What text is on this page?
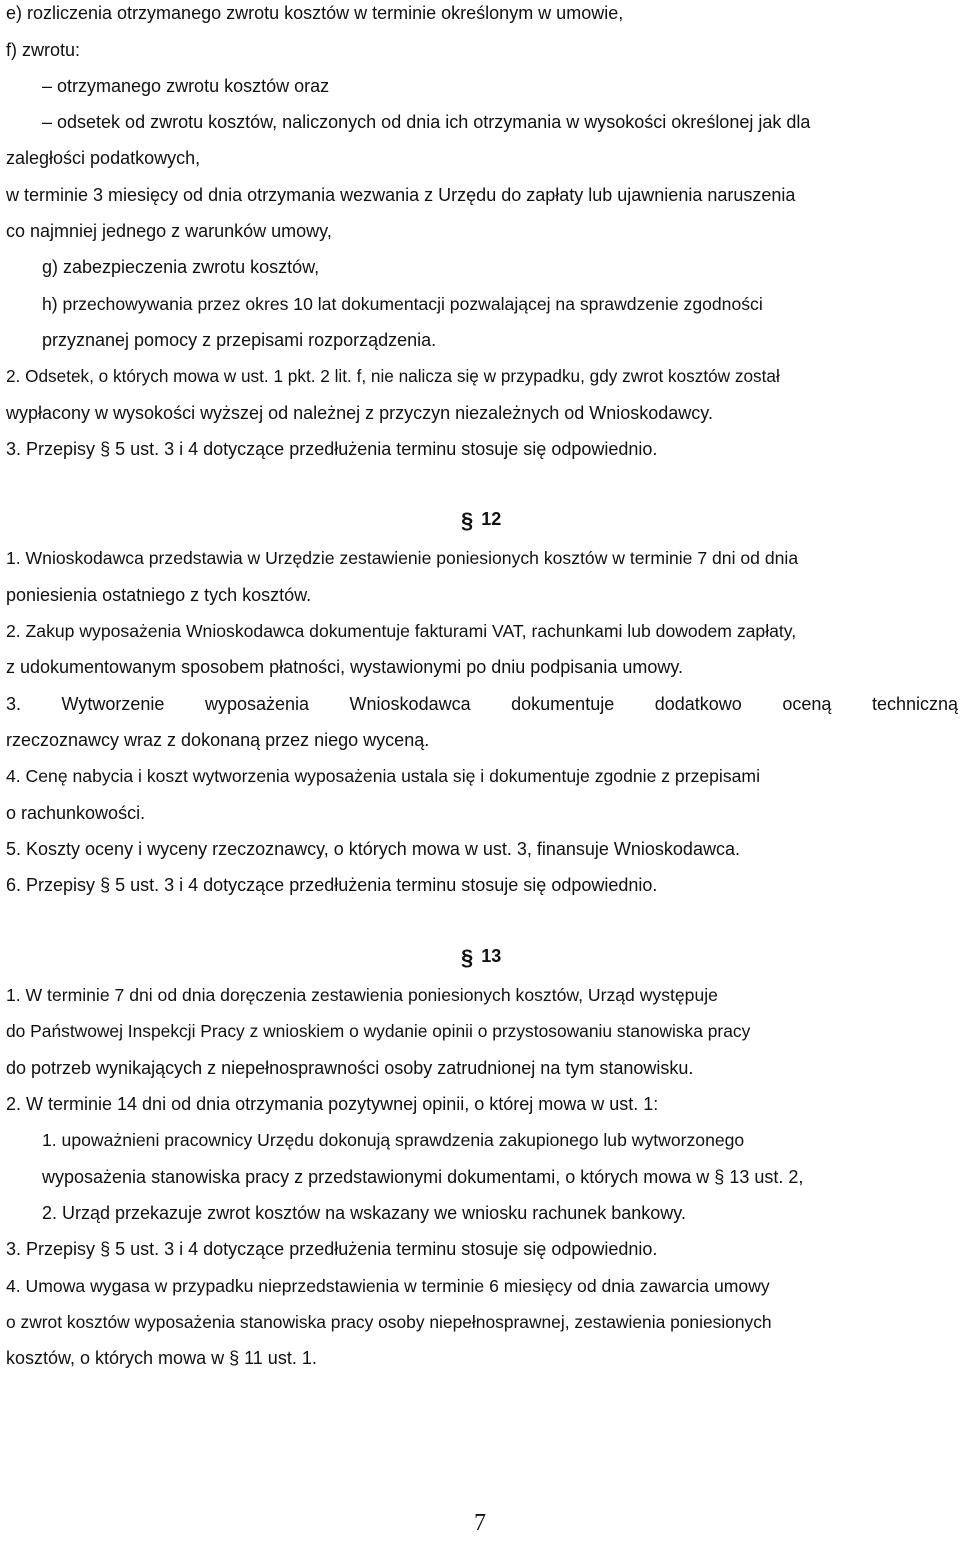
e) rozliczenia otrzymanego zwrotu kosztów w terminie określonym w umowie,
f) zwrotu:
– otrzymanego zwrotu kosztów oraz
– odsetek od zwrotu kosztów, naliczonych od dnia ich otrzymania w wysokości określonej jak dla
zaległości podatkowych,
w terminie 3 miesięcy od dnia otrzymania wezwania z Urzędu do zapłaty lub ujawnienia naruszenia
co najmniej jednego z warunków umowy,
g) zabezpieczenia zwrotu kosztów,
h) przechowywania przez okres 10 lat dokumentacji pozwalającej na sprawdzenie zgodności
przyznanej pomocy z przepisami rozporządzenia.
2. Odsetek, o których mowa w ust. 1 pkt. 2 lit. f, nie nalicza się w przypadku, gdy zwrot kosztów został
wypłacony w wysokości wyższej od należnej z przyczyn niezależnych od Wnioskodawcy.
3. Przepisy § 5 ust. 3 i 4 dotyczące przedłużenia terminu stosuje się odpowiednio.
§ 12
1. Wnioskodawca przedstawia w Urzędzie zestawienie poniesionych kosztów w terminie 7 dni od dnia
poniesienia ostatniego z tych kosztów.
2. Zakup wyposażenia Wnioskodawca dokumentuje fakturami VAT, rachunkami lub dowodem zapłaty,
z udokumentowanym sposobem płatności, wystawionymi po dniu podpisania umowy.
3. Wytworzenie wyposażenia Wnioskodawca dokumentuje dodatkowo oceną techniczną
rzeczoznawcy wraz z dokonaną przez niego wyceną.
4. Cenę nabycia i koszt wytworzenia wyposażenia ustala się i dokumentuje zgodnie z przepisami
o rachunkowości.
5. Koszty oceny i wyceny rzeczoznawcy, o których mowa w ust. 3, finansuje Wnioskodawca.
6. Przepisy § 5 ust. 3 i 4 dotyczące przedłużenia terminu stosuje się odpowiednio.
§ 13
1. W terminie 7 dni od dnia doręczenia zestawienia poniesionych kosztów, Urząd występuje
do Państwowej Inspekcji Pracy z wnioskiem o wydanie opinii o przystosowaniu stanowiska pracy
do potrzeb wynikających z niepełnosprawności osoby zatrudnionej na tym stanowisku.
2. W terminie 14 dni od dnia otrzymania pozytywnej opinii, o której mowa w ust. 1:
1. upoważnieni pracownicy Urzędu dokonują sprawdzenia zakupionego lub wytworzonego
wyposażenia stanowiska pracy z przedstawionymi dokumentami, o których mowa w § 13 ust. 2,
2. Urząd przekazuje zwrot kosztów na wskazany we wniosku rachunek bankowy.
3. Przepisy § 5 ust. 3 i 4 dotyczące przedłużenia terminu stosuje się odpowiednio.
4. Umowa wygasa w przypadku nieprzedstawienia w terminie 6 miesięcy od dnia zawarcia umowy
o zwrot kosztów wyposażenia stanowiska pracy osoby niepełnosprawnej, zestawienia poniesionych
kosztów, o których mowa w § 11 ust. 1.
7
